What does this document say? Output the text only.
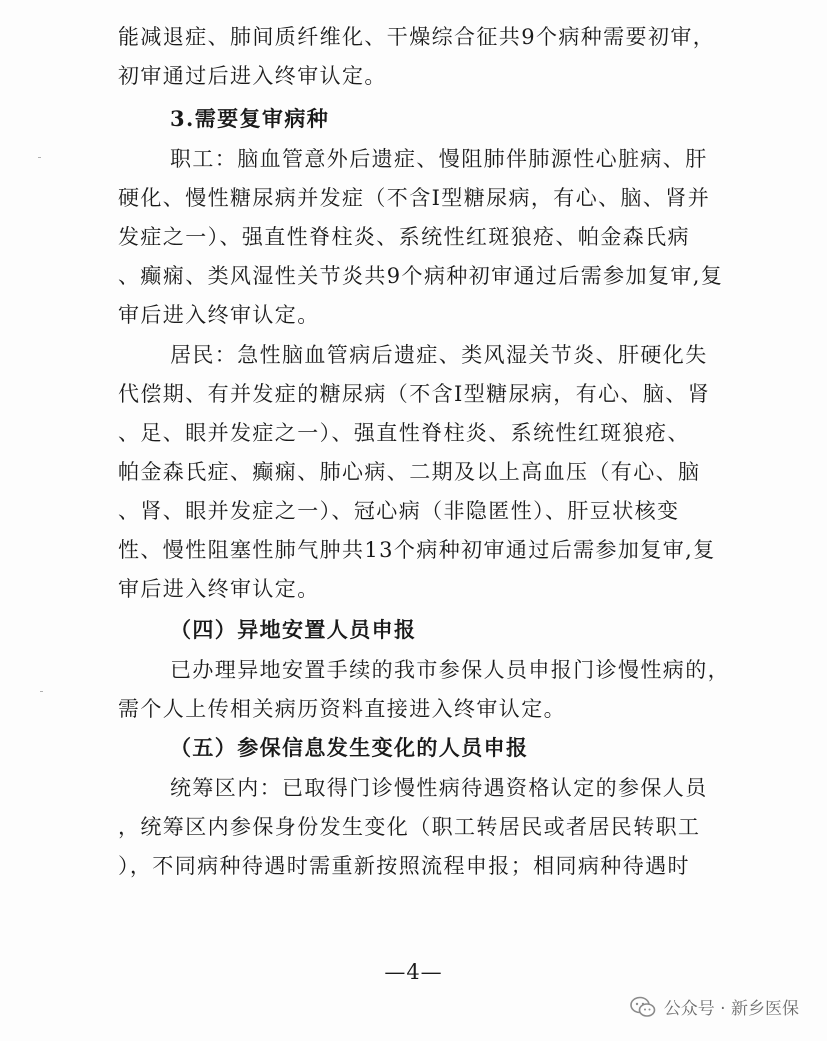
能减退症、肺间质纤维化、干燥综合征共9个病种需要初审，
初审通过后进入终审认定。
3.需要复审病种
职工：脑血管意外后遗症、慢阻肺伴肺源性心脏病、肝
硬化、慢性糖尿病并发症（不含I型糖尿病，有心、脑、肾并
发症之一）、强直性脊柱炎、系统性红斑狼疮、帕金森氏病
、癫痫、类风湿性关节炎共9个病种初审通过后需参加复审,复
审后进入终审认定。
居民：急性脑血管病后遗症、类风湿关节炎、肝硬化失
代偿期、有并发症的糖尿病（不含I型糖尿病，有心、脑、肾
、足、眼并发症之一）、强直性脊柱炎、系统性红斑狼疮、
帕金森氏症、癫痫、肺心病、二期及以上高血压（有心、脑
、肾、眼并发症之一）、冠心病（非隐匿性）、肝豆状核变
性、慢性阻塞性肺气肿共13个病种初审通过后需参加复审,复
审后进入终审认定。
（四）异地安置人员申报
已办理异地安置手续的我市参保人员申报门诊慢性病的，
需个人上传相关病历资料直接进入终审认定。
（五）参保信息发生变化的人员申报
统筹区内：已取得门诊慢性病待遇资格认定的参保人员
，统筹区内参保身份发生变化（职工转居民或者居民转职工
），不同病种待遇时需重新按照流程申报；相同病种待遇时
—4—
公众号 · 新乡医保
